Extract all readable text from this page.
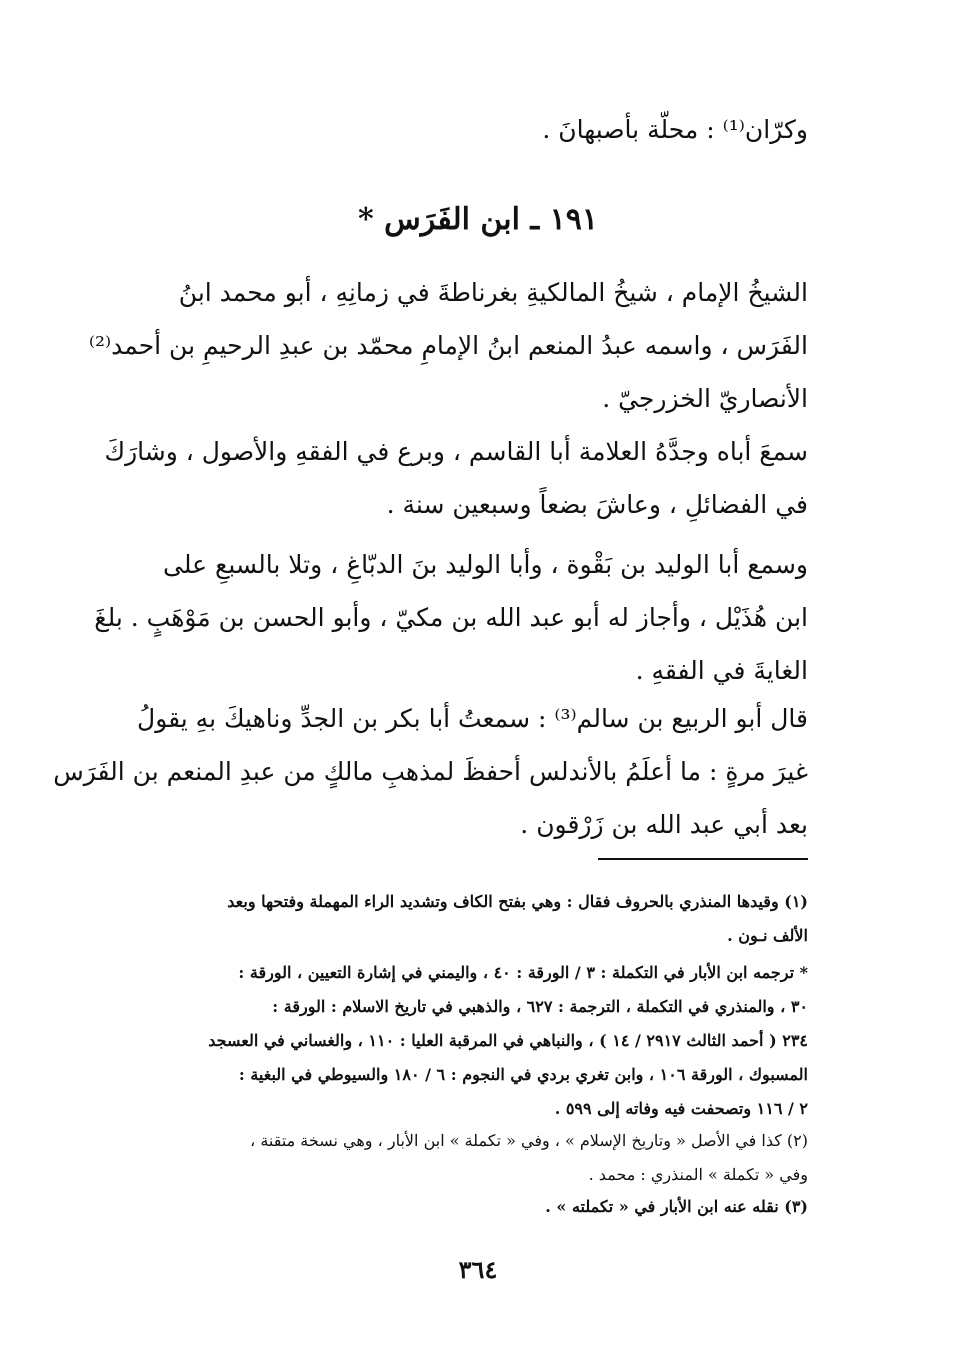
وكرّان⁽¹⁾ : محلّة بأصبهانَ .
١٩١ ـ ابن الفَرَس *
الشيخُ الإمام ، شيخُ المالكيةِ بغرناطةَ في زمانِهِ ، أبو محمد ابنُ
الفَرَس ، واسمه عبدُ المنعم ابنُ الإمامِ محمّد بن عبدِ الرحيمِ بن أحمد⁽²⁾
الأنصاريّ الخزرجيّ .
سمعَ أباه وجدَّهُ العلامة أبا القاسم ، وبرع في الفقهِ والأصول ، وشارَكَ
في الفضائلِ ، وعاشَ بضعاً وسبعين سنة .
وسمع أبا الوليد بن بَقْوة ، وأبا الوليد بنَ الدبّاغِ ، وتلا بالسبعِ على
ابن هُذَيْل ، وأجاز له أبو عبد الله بن مكيّ ، وأبو الحسن بن مَوْهَبٍ . بلغَ
الغايةَ في الفقهِ .
قال أبو الربيع بن سالم⁽³⁾ : سمعتُ أبا بكر بن الجدِّ وناهيكَ بهِ يقولُ
غيرَ مرةٍ : ما أعلَمُ بالأندلس أحفظَ لمذهبِ مالكٍ من عبدِ المنعم بن الفَرَس
بعد أبي عبد الله بن زَرْقون .
(١) وقيدها المنذري بالحروف فقال : وهي بفتح الكاف وتشديد الراء المهملة وفتحها وبعد
الألف نـون .
* ترجمه ابن الأبار في التكملة : ٣ / الورقة : ٤٠ ، واليمني في إشارة التعيين ، الورقة :
٣٠ ، والمنذري في التكملة ، الترجمة : ٦٢٧ ، والذهبي في تاريخ الاسلام : الورقة :
٢٣٤ ( أحمد الثالث ٢٩١٧ / ١٤ ) ، والنباهي في المرقبة العليا : ١١٠ ، والغساني في العسجد
المسبوك ، الورقة ١٠٦ ، وابن تغري بردي في النجوم : ٦ / ١٨٠ والسيوطي في البغية :
٢ / ١١٦ وتصحفت فيه وفاته إلى ٥٩٩ .
(٢) كذا في الأصل « وتاريخ الإسلام » ، وفي « تكملة » ابن الأبار ، وهي نسخة متقنة ،
وفي « تكملة » المنذري : محمد .
(٣) نقله عنه ابن الأبار في « تكملته » .
٣٦٤
